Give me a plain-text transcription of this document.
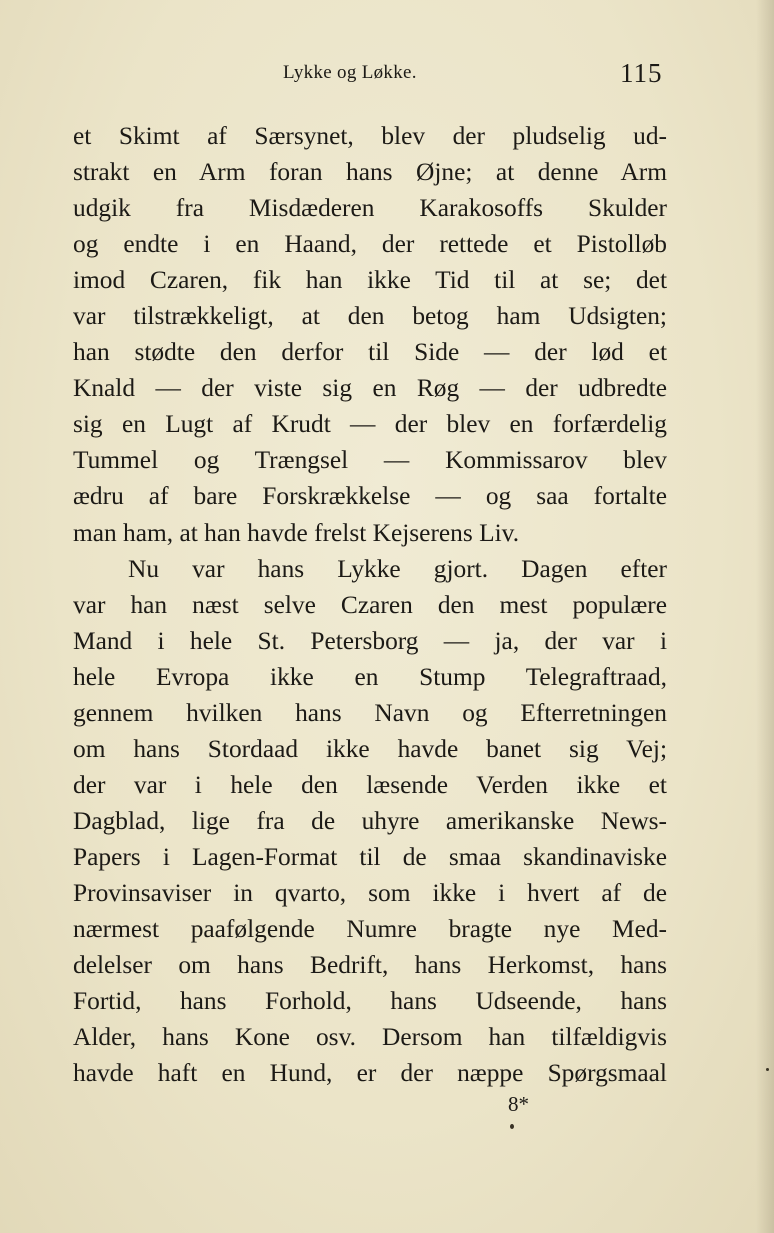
Lykke og Løkke.	115
et Skimt af Særsynet, blev der pludselig ud-
strakt en Arm foran hans Øjne; at denne Arm
udgik fra Misdæderen Karakosoffs Skulder
og endte i en Haand, der rettede et Pistolløb
imod Czaren, fik han ikke Tid til at se; det
var tilstrækkeligt, at den betog ham Udsigten;
han stødte den derfor til Side — der lød et
Knald — der viste sig en Røg — der udbredte
sig en Lugt af Krudt — der blev en forfærdelig
Tummel og Trængsel — Kommissarov blev
ædru af bare Forskrækkelse — og saa fortalte
man ham, at han havde frelst Kejserens Liv.
Nu var hans Lykke gjort. Dagen efter
var han næst selve Czaren den mest populære
Mand i hele St. Petersborg — ja, der var i
hele Evropa ikke en Stump Telegraftraad,
gennem hvilken hans Navn og Efterretningen
om hans Stordaad ikke havde banet sig Vej;
der var i hele den læsende Verden ikke et
Dagblad, lige fra de uhyre amerikanske News-
Papers i Lagen-Format til de smaa skandinaviske
Provinsaviser in qvarto, som ikke i hvert af de
nærmest paafølgende Numre bragte nye Med-
delelser om hans Bedrift, hans Herkomst, hans
Fortid, hans Forhold, hans Udseende, hans
Alder, hans Kone osv. Dersom han tilfældigvis
havde haft en Hund, er der næppe Spørgsmaal
8*
